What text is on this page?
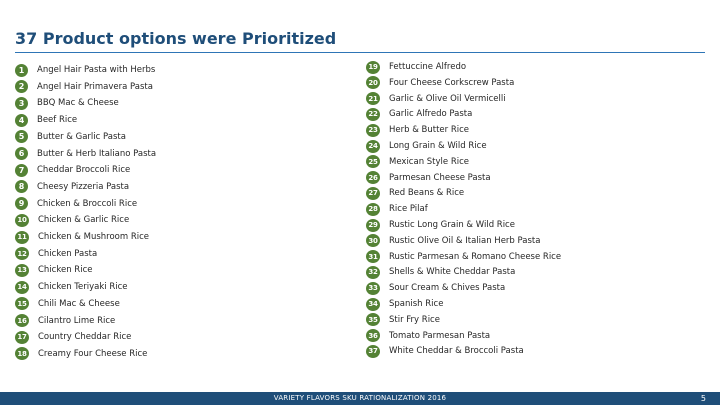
37 Product options were Prioritized
1	Angel Hair Pasta with Herbs
2	Angel Hair Primavera Pasta
3	BBQ Mac & Cheese
4	Beef Rice
5	Butter & Garlic Pasta
6	Butter & Herb Italiano Pasta
7	Cheddar Broccoli Rice
8	Cheesy Pizzeria Pasta
9	Chicken & Broccoli Rice
10 Chicken & Garlic Rice
11 Chicken & Mushroom Rice
12 Chicken Pasta
13 Chicken Rice
14 Chicken Teriyaki Rice
15 Chili Mac & Cheese
16 Cilantro Lime Rice
17 Country Cheddar Rice
18 Creamy Four Cheese Rice
19 Fettuccine Alfredo
20 Four Cheese Corkscrew Pasta
21 Garlic & Olive Oil Vermicelli
22 Garlic Alfredo Pasta
23 Herb & Butter Rice
24 Long Grain & Wild Rice
25 Mexican Style Rice
26 Parmesan Cheese Pasta
27 Red Beans & Rice
28 Rice Pilaf
29 Rustic Long Grain & Wild Rice
30 Rustic Olive Oil & Italian Herb Pasta
31 Rustic Parmesan & Romano Cheese Rice
32 Shells & White Cheddar Pasta
33 Sour Cream & Chives Pasta
34 Spanish Rice
35 Stir Fry Rice
36 Tomato Parmesan Pasta
37 White Cheddar & Broccoli Pasta
VARIETY FLAVORS SKU RATIONALIZATION 2016	5
